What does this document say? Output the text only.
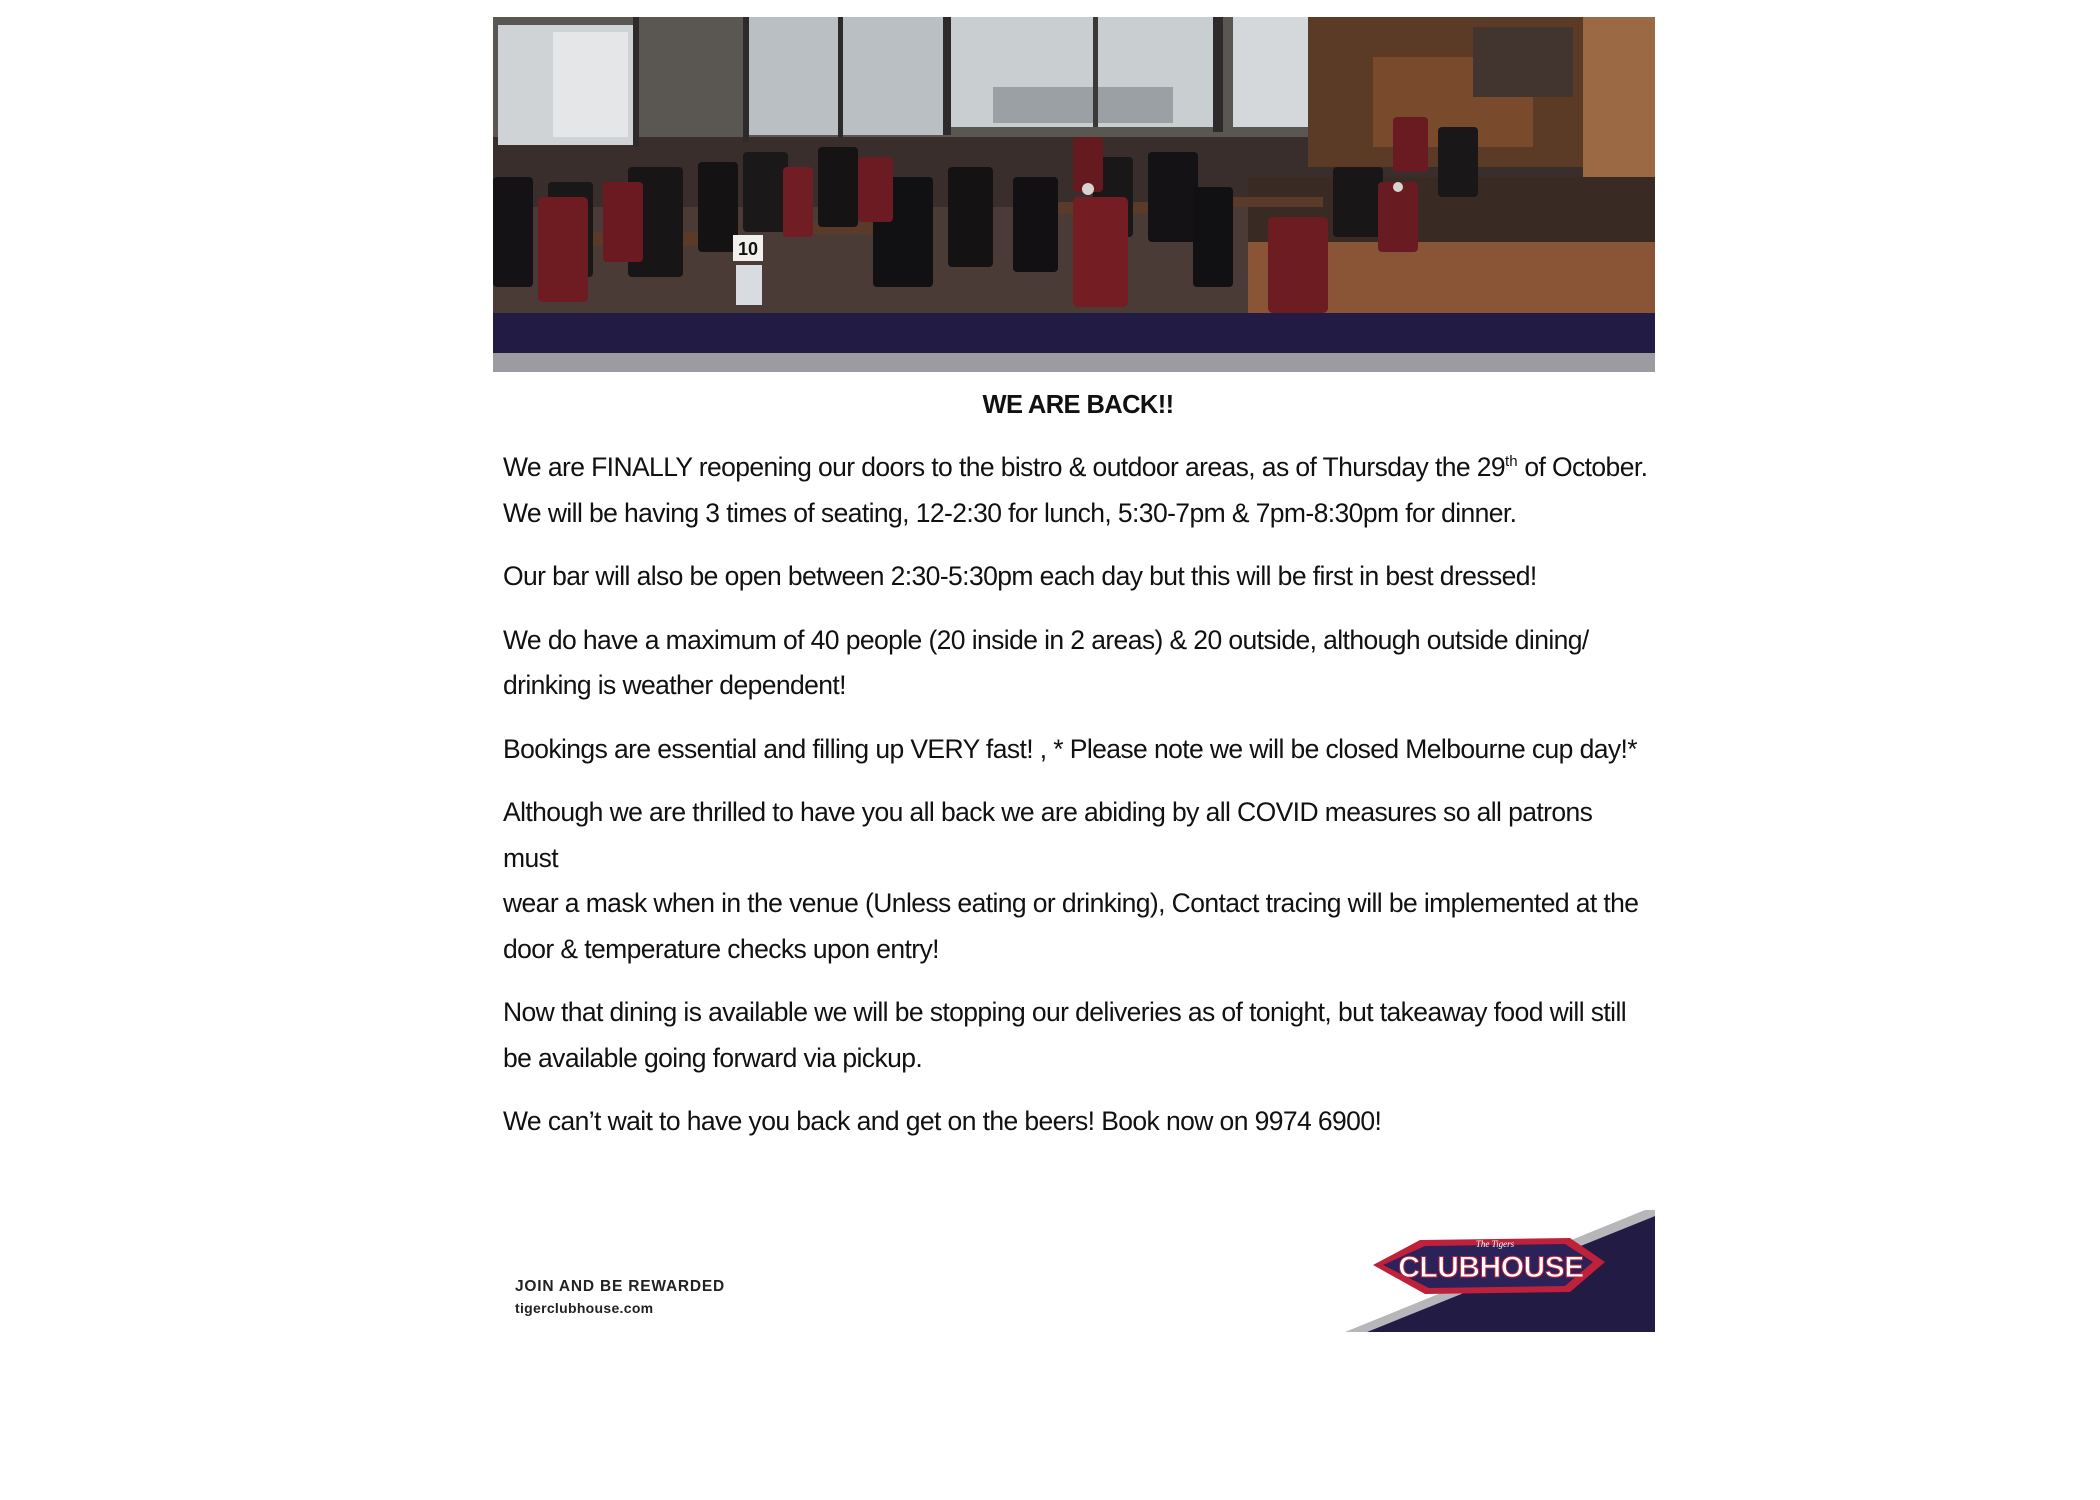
10
WE ARE BACK!!

We are FINALLY reopening our doors to the bistro & outdoor areas, as of Thursday the 29th of October.
We will be having 3 times of seating, 12-2:30 for lunch, 5:30-7pm & 7pm-8:30pm for dinner.

Our bar will also be open between 2:30-5:30pm each day but this will be first in best dressed!

We do have a maximum of 40 people (20 inside in 2 areas) & 20 outside, although outside dining/
drinking is weather dependent!

Bookings are essential and filling up VERY fast! , * Please note we will be closed Melbourne cup day!*

Although we are thrilled to have you all back we are abiding by all COVID measures so all patrons must
wear a mask when in the venue (Unless eating or drinking), Contact tracing will be implemented at the
door & temperature checks upon entry!

Now that dining is available we will be stopping our deliveries as of tonight, but takeaway food will still
be available going forward via pickup.

We can’t wait to have you back and get on the beers! Book now on 9974 6900!

JOIN AND BE REWARDED
tigerclubhouse.com
The Tigers
CLUBHOUSE
